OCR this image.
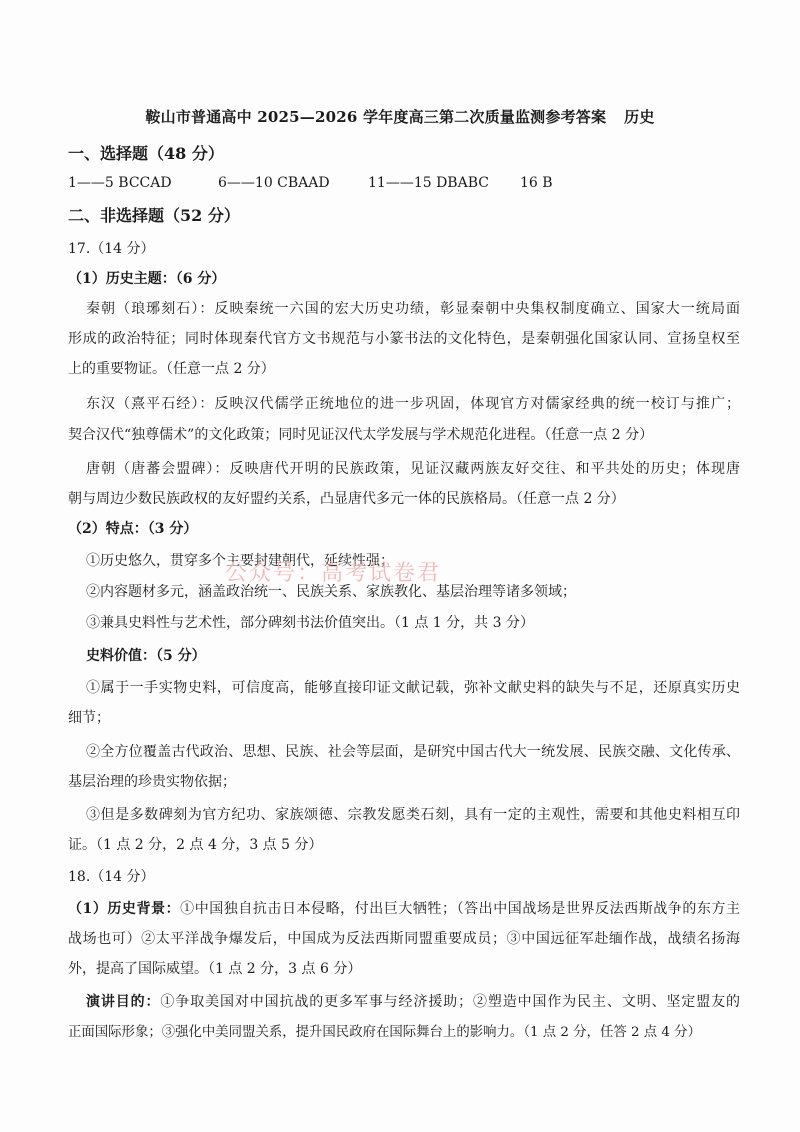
鞍山市普通高中 2025—2026 学年度高三第二次质量监测参考答案 历史
一、选择题（48 分）
1——5 BCCAD	6——10 CBAAD	11——15 DBABC 16 B
二、非选择题（52 分）
17.（14 分）
（1）历史主题：（6 分）
秦朝（琅琊刻石）：反映秦统一六国的宏大历史功绩，彰显秦朝中央集权制度确立、国家大一统局面
形成的政治特征；同时体现秦代官方文书规范与小篆书法的文化特色，是秦朝强化国家认同、宣扬皇权至
上的重要物证。（任意一点 2 分）
东汉（熹平石经）：反映汉代儒学正统地位的进一步巩固，体现官方对儒家经典的统一校订与推广；
契合汉代“独尊儒术”的文化政策；同时见证汉代太学发展与学术规范化进程。（任意一点 2 分）
唐朝（唐蕃会盟碑）：反映唐代开明的民族政策，见证汉藏两族友好交往、和平共处的历史；体现唐
朝与周边少数民族政权的友好盟约关系，凸显唐代多元一体的民族格局。（任意一点 2 分）
（2）特点：（3 分）
①历史悠久，贯穿多个主要封建朝代，延续性强；
②内容题材多元，涵盖政治统一、民族关系、家族教化、基层治理等诸多领域；
③兼具史料性与艺术性，部分碑刻书法价值突出。（1 点 1 分，共 3 分）
史料价值：（5 分）
①属于一手实物史料，可信度高，能够直接印证文献记载，弥补文献史料的缺失与不足，还原真实历史
细节；
②全方位覆盖古代政治、思想、民族、社会等层面，是研究中国古代大一统发展、民族交融、文化传承、
基层治理的珍贵实物依据；
③但是多数碑刻为官方纪功、家族颂德、宗教发愿类石刻，具有一定的主观性，需要和其他史料相互印
证。（1 点 2 分，2 点 4 分，3 点 5 分）
18.（14 分）
（1）历史背景：①中国独自抗击日本侵略，付出巨大牺牲；（答出中国战场是世界反法西斯战争的东方主
战场也可）②太平洋战争爆发后，中国成为反法西斯同盟重要成员；③中国远征军赴缅作战，战绩名扬海
外，提高了国际威望。（1 点 2 分，3 点 6 分）
演讲目的：①争取美国对中国抗战的更多军事与经济援助；②塑造中国作为民主、文明、坚定盟友的
正面国际形象；③强化中美同盟关系，提升国民政府在国际舞台上的影响力。（1 点 2 分，任答 2 点 4 分）
公众号：高考试卷君
